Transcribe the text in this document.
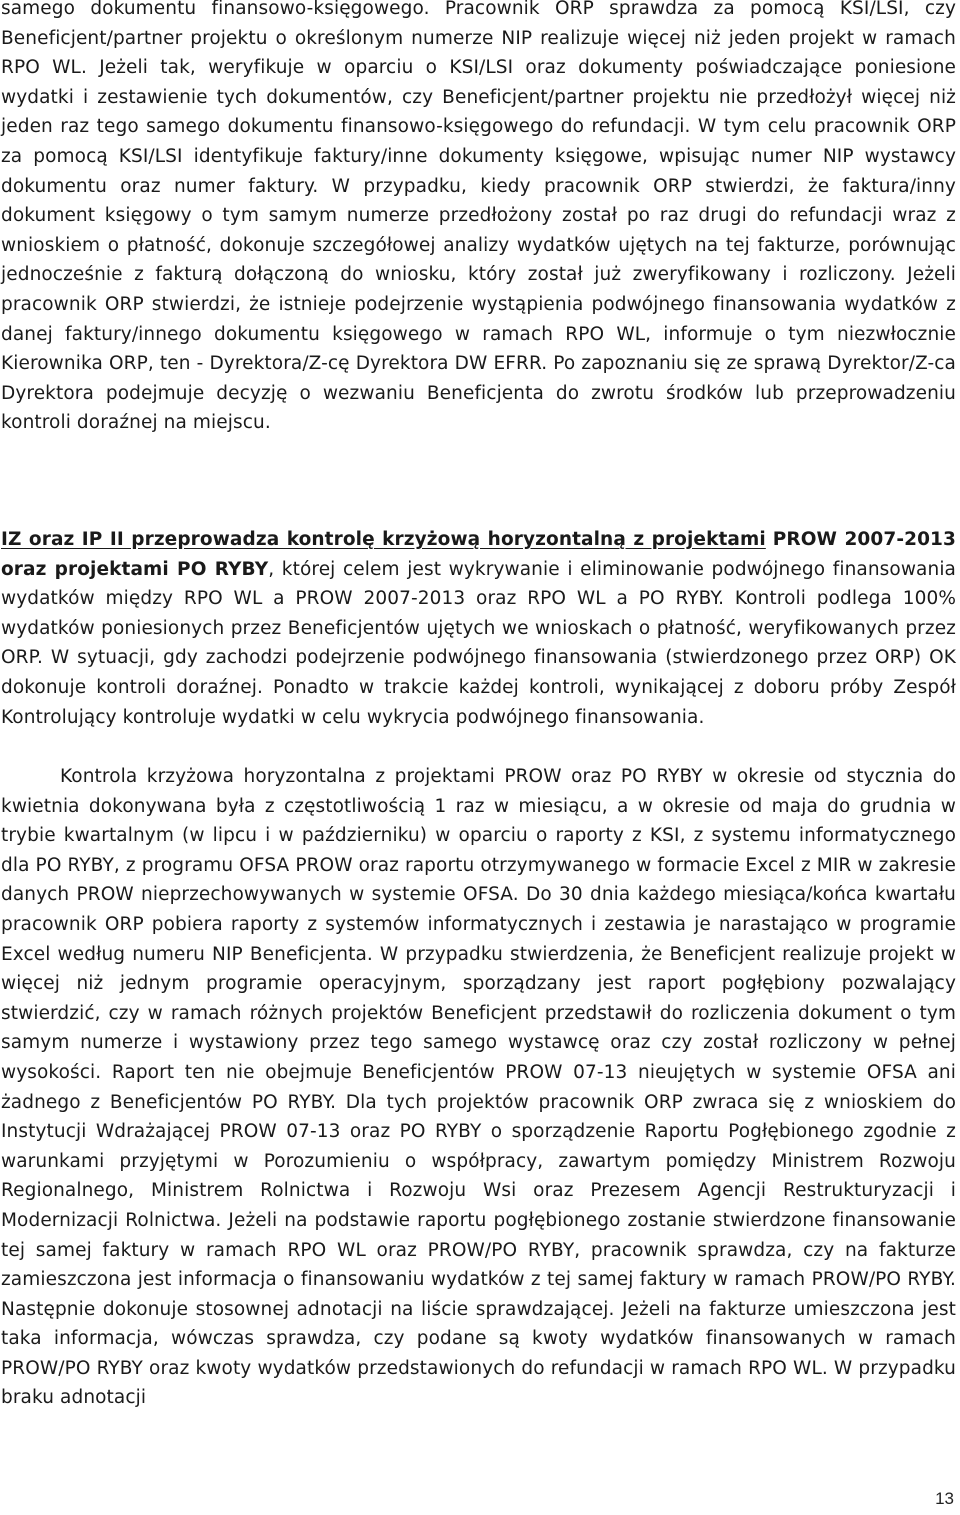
samego dokumentu finansowo-księgowego. Pracownik ORP sprawdza za pomocą KSI/LSI, czy Beneficjent/partner projektu o określonym numerze NIP realizuje więcej niż jeden projekt w ramach RPO WL. Jeżeli tak, weryfikuje w oparciu o KSI/LSI oraz dokumenty poświadczające poniesione wydatki i zestawienie tych dokumentów, czy Beneficjent/partner projektu nie przedłożył więcej niż jeden raz tego samego dokumentu finansowo-księgowego do refundacji. W tym celu pracownik ORP za pomocą KSI/LSI identyfikuje faktury/inne dokumenty księgowe, wpisując numer NIP wystawcy dokumentu oraz numer faktury. W przypadku, kiedy pracownik ORP stwierdzi, że faktura/inny dokument księgowy o tym samym numerze przedłożony został po raz drugi do refundacji wraz z wnioskiem o płatność, dokonuje szczegółowej analizy wydatków ujętych na tej fakturze, porównując jednocześnie z fakturą dołączoną do wniosku, który został już zweryfikowany i rozliczony. Jeżeli pracownik ORP stwierdzi, że istnieje podejrzenie wystąpienia podwójnego finansowania wydatków z danej faktury/innego dokumentu księgowego w ramach RPO WL, informuje o tym niezwłocznie Kierownika ORP, ten - Dyrektora/Z-cę Dyrektora DW EFRR. Po zapoznaniu się ze sprawą Dyrektor/Z-ca Dyrektora podejmuje decyzję o wezwaniu Beneficjenta do zwrotu środków lub przeprowadzeniu kontroli doraźnej na miejscu.

IZ oraz IP II przeprowadza kontrolę krzyżową horyzontalną z projektami PROW 2007-2013 oraz projektami PO RYBY, której celem jest wykrywanie i eliminowanie podwójnego finansowania wydatków między RPO WL a PROW 2007-2013 oraz RPO WL a PO RYBY. Kontroli podlega 100% wydatków poniesionych przez Beneficjentów ujętych we wnioskach o płatność, weryfikowanych przez ORP. W sytuacji, gdy zachodzi podejrzenie podwójnego finansowania (stwierdzonego przez ORP) OK dokonuje kontroli doraźnej. Ponadto w trakcie każdej kontroli, wynikającej z doboru próby Zespół Kontrolujący kontroluje wydatki w celu wykrycia podwójnego finansowania.

Kontrola krzyżowa horyzontalna z projektami PROW oraz PO RYBY w okresie od stycznia do kwietnia dokonywana była z częstotliwością 1 raz w miesiącu, a w okresie od maja do grudnia w trybie kwartalnym (w lipcu i w październiku) w oparciu o raporty z KSI, z systemu informatycznego dla PO RYBY, z programu OFSA PROW oraz raportu otrzymywanego w formacie Excel z MIR w zakresie danych PROW nieprzechowywanych w systemie OFSA. Do 30 dnia każdego miesiąca/końca kwartału pracownik ORP pobiera raporty z systemów informatycznych i zestawia je narastająco w programie Excel według numeru NIP Beneficjenta. W przypadku stwierdzenia, że Beneficjent realizuje projekt w więcej niż jednym programie operacyjnym, sporządzany jest raport pogłębiony pozwalający stwierdzić, czy w ramach różnych projektów Beneficjent przedstawił do rozliczenia dokument o tym samym numerze i wystawiony przez tego samego wystawcę oraz czy został rozliczony w pełnej wysokości. Raport ten nie obejmuje Beneficjentów PROW 07-13 nieujętych w systemie OFSA ani żadnego z Beneficjentów PO RYBY. Dla tych projektów pracownik ORP zwraca się z wnioskiem do Instytucji Wdrażającej PROW 07-13 oraz PO RYBY o sporządzenie Raportu Pogłębionego zgodnie z warunkami przyjętymi w Porozumieniu o współpracy, zawartym pomiędzy Ministrem Rozwoju Regionalnego, Ministrem Rolnictwa i Rozwoju Wsi oraz Prezesem Agencji Restrukturyzacji i Modernizacji Rolnictwa. Jeżeli na podstawie raportu pogłębionego zostanie stwierdzone finansowanie tej samej faktury w ramach RPO WL oraz PROW/PO RYBY, pracownik sprawdza, czy na fakturze zamieszczona jest informacja o finansowaniu wydatków z tej samej faktury w ramach PROW/PO RYBY. Następnie dokonuje stosownej adnotacji na liście sprawdzającej. Jeżeli na fakturze umieszczona jest taka informacja, wówczas sprawdza, czy podane są kwoty wydatków finansowanych w ramach PROW/PO RYBY oraz kwoty wydatków przedstawionych do refundacji w ramach RPO WL. W przypadku braku adnotacji

13
